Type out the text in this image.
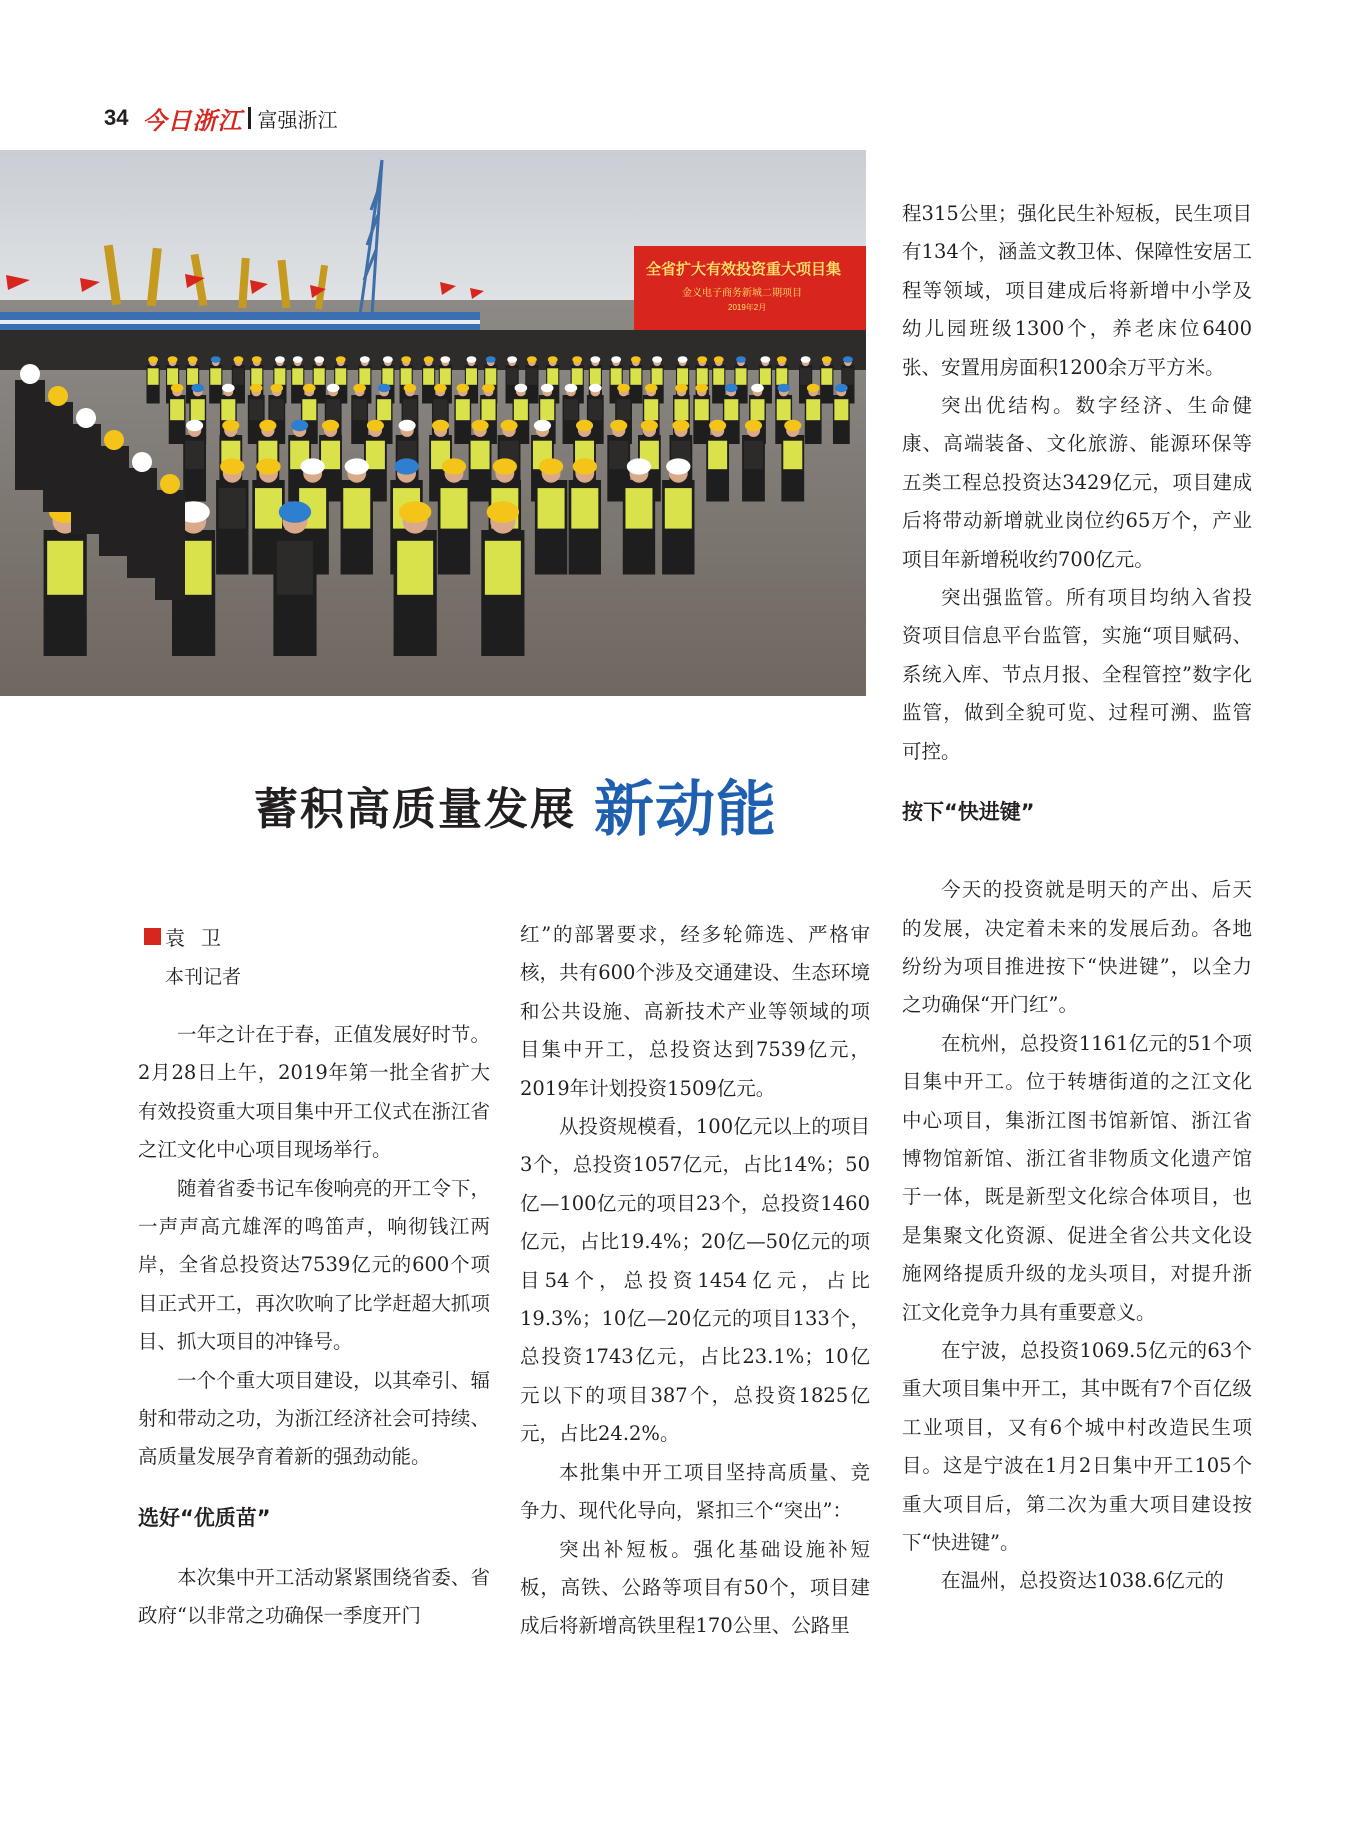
34 今日浙江 富强浙江
全省扩大有效投资重大项目集
金义电子商务新城二期项目
2019年2月
蓄积高质量发展 新动能
袁卫
本刊记者

一年之计在于春，正值发展好时节。2月28日上午，2019年第一批全省扩大有效投资重大项目集中开工仪式在浙江省之江文化中心项目现场举行。

随着省委书记车俊响亮的开工令下，一声声高亢雄浑的鸣笛声，响彻钱江两岸，全省总投资达7539亿元的600个项目正式开工，再次吹响了比学赶超大抓项目、抓大项目的冲锋号。

一个个重大项目建设，以其牵引、辐射和带动之功，为浙江经济社会可持续、高质量发展孕育着新的强劲动能。

选好“优质苗”

本次集中开工活动紧紧围绕省委、省政府“以非常之功确保一季度开门

红”的部署要求，经多轮筛选、严格审核，共有600个涉及交通建设、生态环境和公共设施、高新技术产业等领域的项目集中开工，总投资达到7539亿元，2019年计划投资1509亿元。

从投资规模看，100亿元以上的项目3个，总投资1057亿元，占比14%；50亿—100亿元的项目23个，总投资1460亿元，占比19.4%；20亿—50亿元的项目54个，总投资1454亿元，占比19.3%；10亿—20亿元的项目133个，总投资1743亿元，占比23.1%；10亿元以下的项目387个，总投资1825亿元，占比24.2%。

本批集中开工项目坚持高质量、竞争力、现代化导向，紧扣三个“突出”：

突出补短板。强化基础设施补短板，高铁、公路等项目有50个，项目建成后将新增高铁里程170公里、公路里

程315公里；强化民生补短板，民生项目有134个，涵盖文教卫体、保障性安居工程等领域，项目建成后将新增中小学及幼儿园班级1300个，养老床位6400张、安置用房面积1200余万平方米。

突出优结构。数字经济、生命健康、高端装备、文化旅游、能源环保等五类工程总投资达3429亿元，项目建成后将带动新增就业岗位约65万个，产业项目年新增税收约700亿元。

突出强监管。所有项目均纳入省投资项目信息平台监管，实施“项目赋码、系统入库、节点月报、全程管控”数字化监管，做到全貌可览、过程可溯、监管可控。

按下“快进键”

今天的投资就是明天的产出、后天的发展，决定着未来的发展后劲。各地纷纷为项目推进按下“快进键”，以全力之功确保“开门红”。

在杭州，总投资1161亿元的51个项目集中开工。位于转塘街道的之江文化中心项目，集浙江图书馆新馆、浙江省博物馆新馆、浙江省非物质文化遗产馆于一体，既是新型文化综合体项目，也是集聚文化资源、促进全省公共文化设施网络提质升级的龙头项目，对提升浙江文化竞争力具有重要意义。

在宁波，总投资1069.5亿元的63个重大项目集中开工，其中既有7个百亿级工业项目，又有6个城中村改造民生项目。这是宁波在1月2日集中开工105个重大项目后，第二次为重大项目建设按下“快进键”。

在温州，总投资达1038.6亿元的
